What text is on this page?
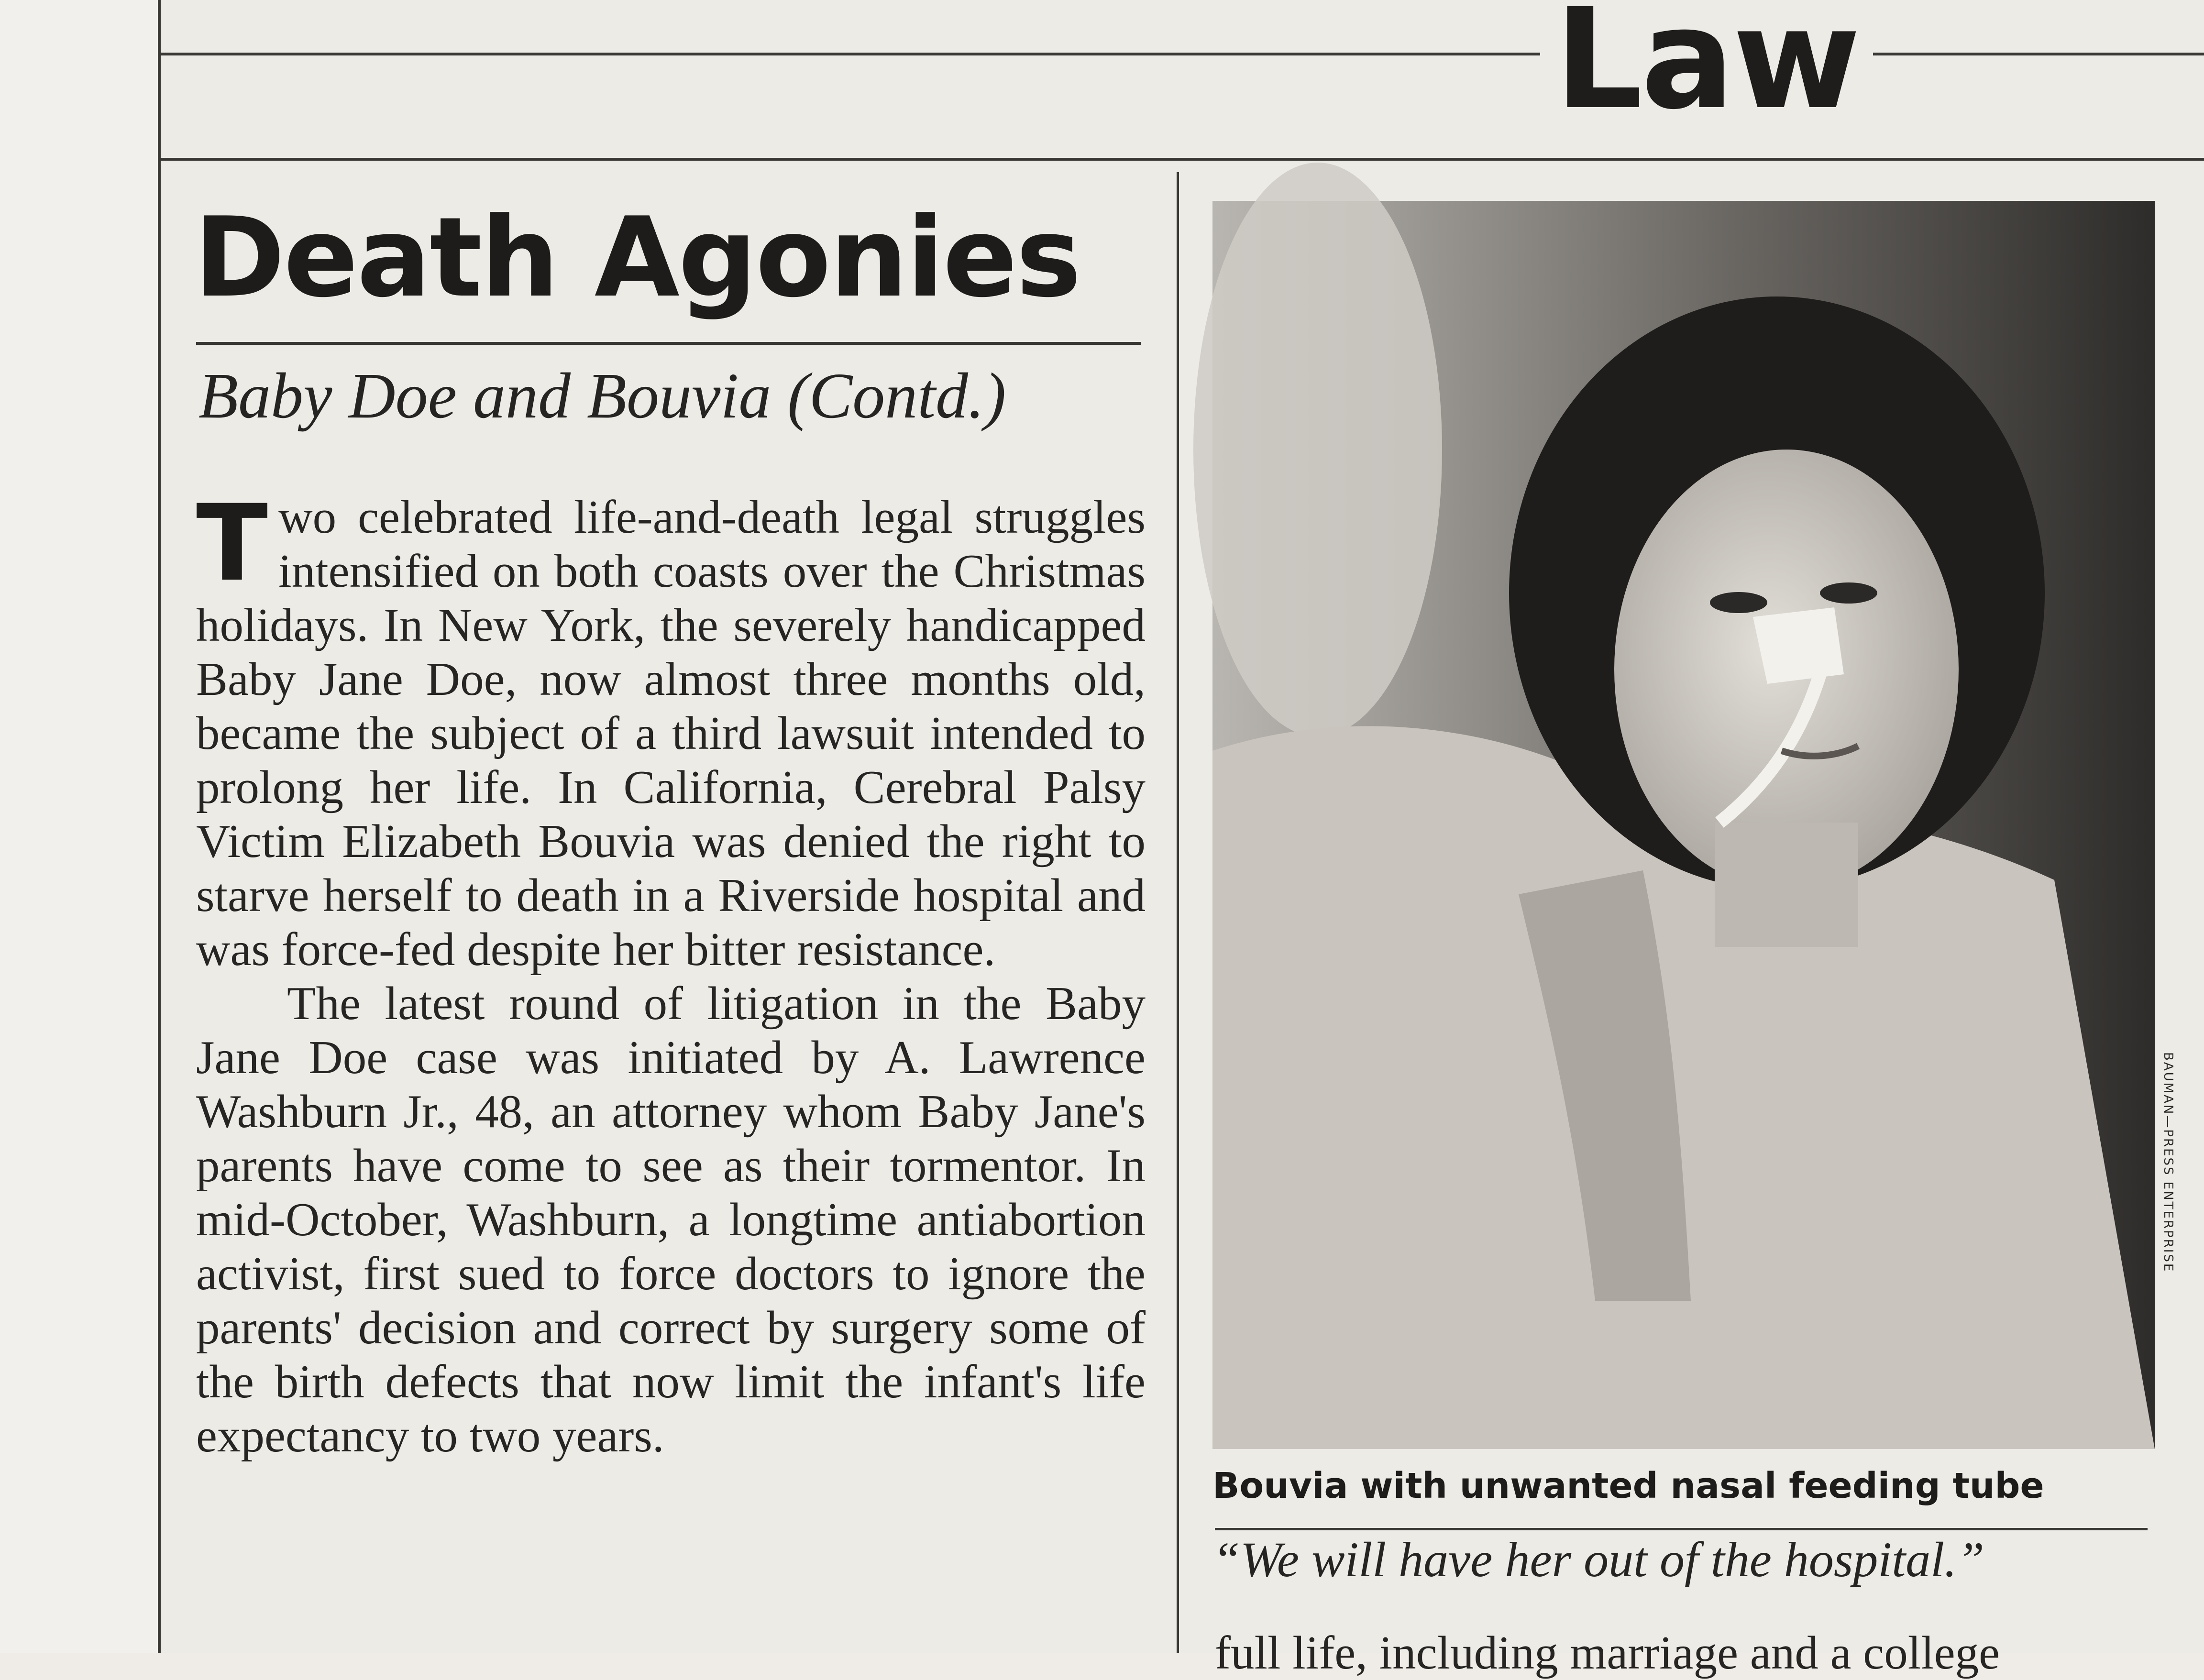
Law
Death Agonies
Baby Doe and Bouvia (Contd.)

Two celebrated life-and-death legal struggles intensified on both coasts over the Christmas holidays. In New York, the severely handicapped Baby Jane Doe, now almost three months old, became the subject of a third lawsuit intended to prolong her life. In California, Cerebral Palsy Victim Elizabeth Bouvia was denied the right to starve herself to death in a Riverside hospital and was force-fed despite her bitter resistance.

The latest round of litigation in the Baby Jane Doe case was initiated by A. Lawrence Washburn Jr., 48, an attorney whom Baby Jane's parents have come to see as their tormentor. In mid-October, Washburn, a longtime antiabortion activist, first sued to force doctors to ignore the parents' decision and correct by surgery some of the birth defects that now limit the infant's life expectancy to two years.

BAUMAN—PRESS ENTERPRISE
Bouvia with unwanted nasal feeding tube
“We will have her out of the hospital.”
full life, including marriage and a college
